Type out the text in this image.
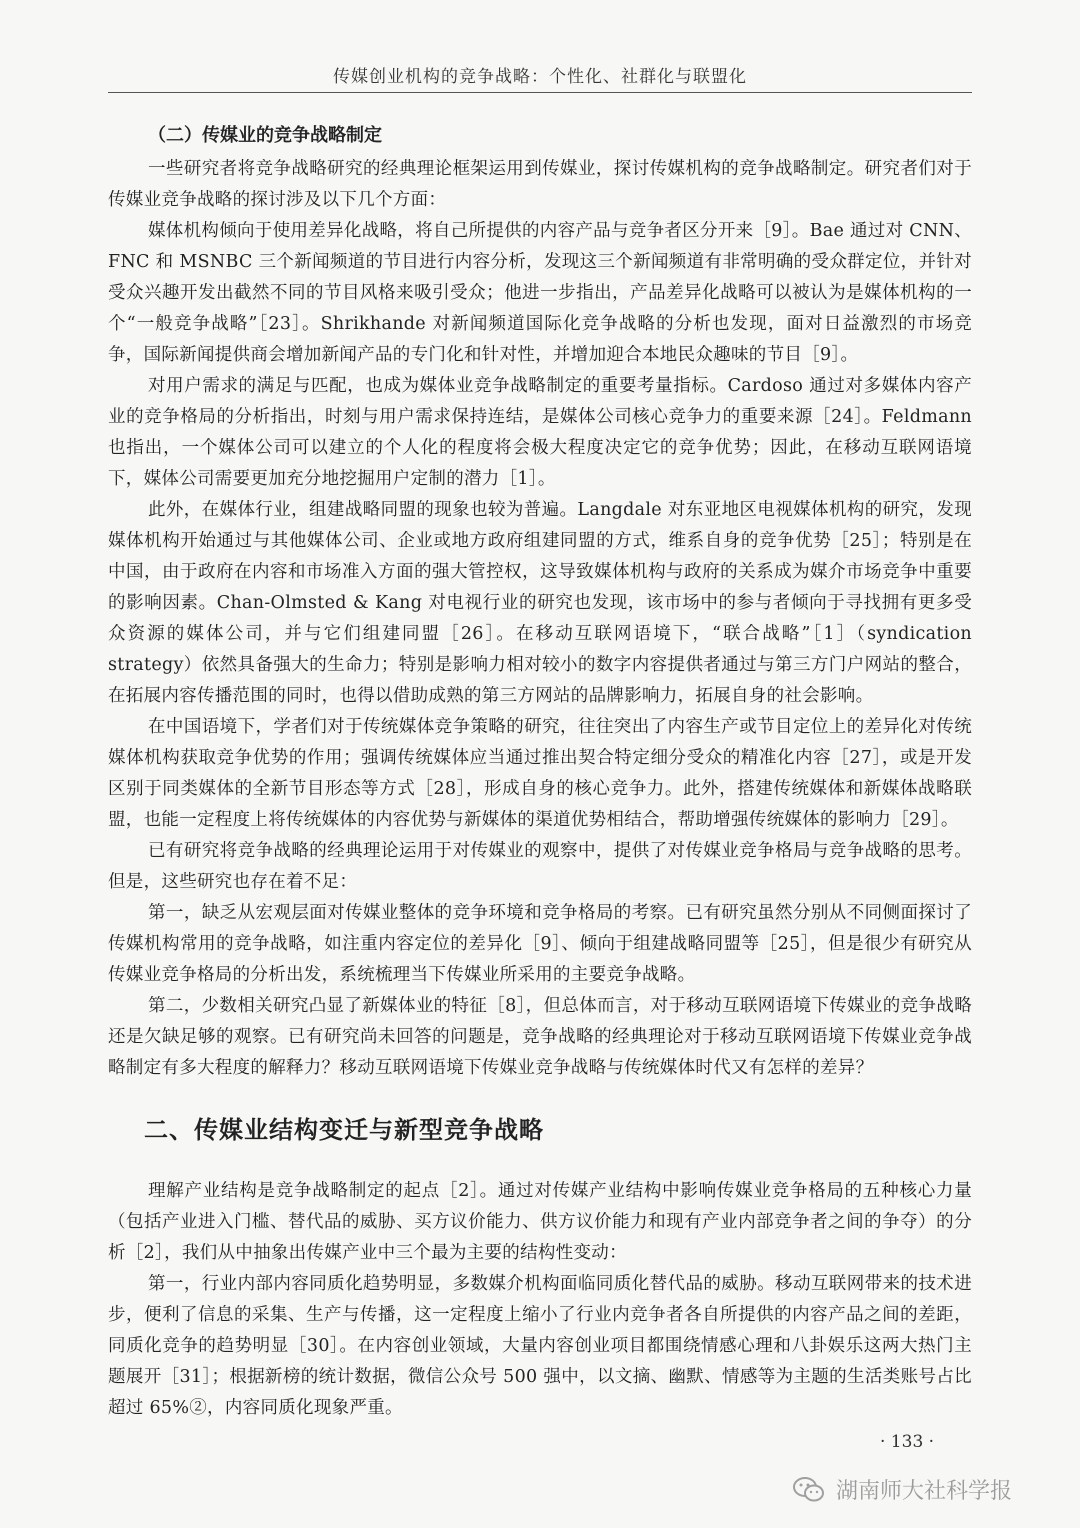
传媒创业机构的竞争战略：个性化、社群化与联盟化
（二）传媒业的竞争战略制定

一些研究者将竞争战略研究的经典理论框架运用到传媒业，探讨传媒机构的竞争战略制定。研究者们对于传媒业竞争战略的探讨涉及以下几个方面：

媒体机构倾向于使用差异化战略，将自己所提供的内容产品与竞争者区分开来［9］。Bae 通过对 CNN、FNC 和 MSNBC 三个新闻频道的节目进行内容分析，发现这三个新闻频道有非常明确的受众群定位，并针对受众兴趣开发出截然不同的节目风格来吸引受众；他进一步指出，产品差异化战略可以被认为是媒体机构的一个“一般竞争战略”［23］。Shrikhande 对新闻频道国际化竞争战略的分析也发现，面对日益激烈的市场竞争，国际新闻提供商会增加新闻产品的专门化和针对性，并增加迎合本地民众趣味的节目［9］。

对用户需求的满足与匹配，也成为媒体业竞争战略制定的重要考量指标。Cardoso 通过对多媒体内容产业的竞争格局的分析指出，时刻与用户需求保持连结，是媒体公司核心竞争力的重要来源［24］。Feldmann 也指出，一个媒体公司可以建立的个人化的程度将会极大程度决定它的竞争优势；因此，在移动互联网语境下，媒体公司需要更加充分地挖掘用户定制的潜力［1］。

此外，在媒体行业，组建战略同盟的现象也较为普遍。Langdale 对东亚地区电视媒体机构的研究，发现媒体机构开始通过与其他媒体公司、企业或地方政府组建同盟的方式，维系自身的竞争优势［25］；特别是在中国，由于政府在内容和市场准入方面的强大管控权，这导致媒体机构与政府的关系成为媒介市场竞争中重要的影响因素。Chan-Olmsted & Kang 对电视行业的研究也发现，该市场中的参与者倾向于寻找拥有更多受众资源的媒体公司，并与它们组建同盟［26］。在移动互联网语境下，“联合战略”［1］（syndication strategy）依然具备强大的生命力；特别是影响力相对较小的数字内容提供者通过与第三方门户网站的整合，在拓展内容传播范围的同时，也得以借助成熟的第三方网站的品牌影响力，拓展自身的社会影响。

在中国语境下，学者们对于传统媒体竞争策略的研究，往往突出了内容生产或节目定位上的差异化对传统媒体机构获取竞争优势的作用；强调传统媒体应当通过推出契合特定细分受众的精准化内容［27］，或是开发区别于同类媒体的全新节目形态等方式［28］，形成自身的核心竞争力。此外，搭建传统媒体和新媒体战略联盟，也能一定程度上将传统媒体的内容优势与新媒体的渠道优势相结合，帮助增强传统媒体的影响力［29］。

已有研究将竞争战略的经典理论运用于对传媒业的观察中，提供了对传媒业竞争格局与竞争战略的思考。但是，这些研究也存在着不足：

第一，缺乏从宏观层面对传媒业整体的竞争环境和竞争格局的考察。已有研究虽然分别从不同侧面探讨了传媒机构常用的竞争战略，如注重内容定位的差异化［9］、倾向于组建战略同盟等［25］，但是很少有研究从传媒业竞争格局的分析出发，系统梳理当下传媒业所采用的主要竞争战略。

第二，少数相关研究凸显了新媒体业的特征［8］，但总体而言，对于移动互联网语境下传媒业的竞争战略还是欠缺足够的观察。已有研究尚未回答的问题是，竞争战略的经典理论对于移动互联网语境下传媒业竞争战略制定有多大程度的解释力？移动互联网语境下传媒业竞争战略与传统媒体时代又有怎样的差异？

二、传媒业结构变迁与新型竞争战略

理解产业结构是竞争战略制定的起点［2］。通过对传媒产业结构中影响传媒业竞争格局的五种核心力量（包括产业进入门槛、替代品的威胁、买方议价能力、供方议价能力和现有产业内部竞争者之间的争夺）的分析［2］，我们从中抽象出传媒产业中三个最为主要的结构性变动：

第一，行业内部内容同质化趋势明显，多数媒介机构面临同质化替代品的威胁。移动互联网带来的技术进步，便利了信息的采集、生产与传播，这一定程度上缩小了行业内竞争者各自所提供的内容产品之间的差距，同质化竞争的趋势明显［30］。在内容创业领域，大量内容创业项目都围绕情感心理和八卦娱乐这两大热门主题展开［31］；根据新榜的统计数据，微信公众号 500 强中，以文摘、幽默、情感等为主题的生活类账号占比超过 65%②，内容同质化现象严重。

· 133 ·
湖南师大社科学报
